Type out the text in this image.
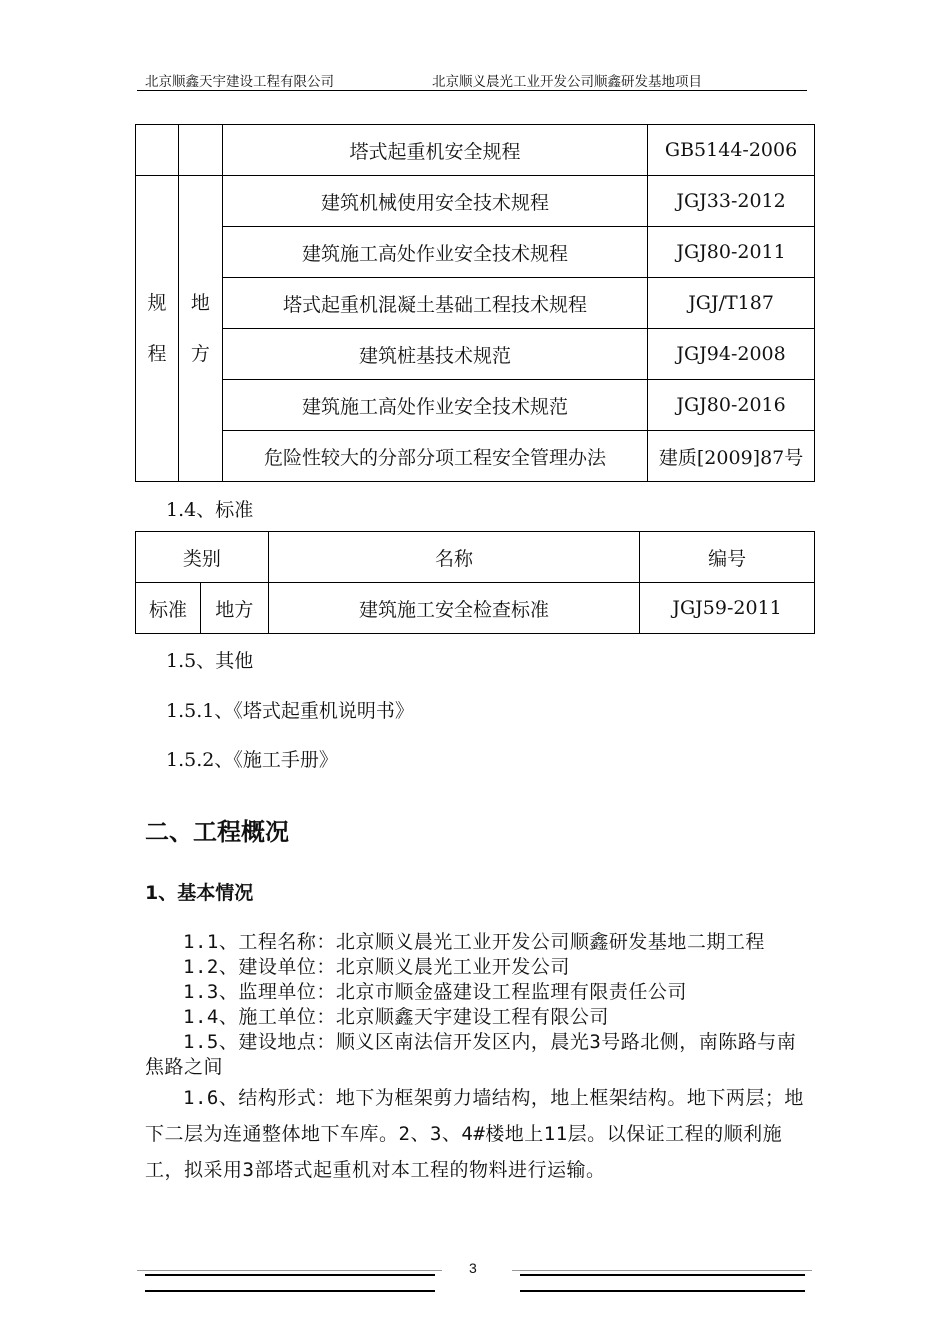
北京顺鑫天宇建设工程有限公司	北京顺义晨光工业开发公司顺鑫研发基地项目
		塔式起重机安全规程	GB5144-2006

规程	地方	建筑机械使用安全技术规程	JGJ33-2012
		建筑施工高处作业安全技术规程	JGJ80-2011
		塔式起重机混凝土基础工程技术规程	JGJ/T187
		建筑桩基技术规范	JGJ94-2008
		建筑施工高处作业安全技术规范	JGJ80-2016
		危险性较大的分部分项工程安全管理办法	建质[2009]87号
1.4、标准
类别		名称	编号
标准	地方	建筑施工安全检查标准	JGJ59-2011
1.5、其他
1.5.1、《塔式起重机说明书》
1.5.2、《施工手册》
二、工程概况
1、基本情况
1.1、工程名称：北京顺义晨光工业开发公司顺鑫研发基地二期工程
1.2、建设单位：北京顺义晨光工业开发公司
1.3、监理单位：北京市顺金盛建设工程监理有限责任公司
1.4、施工单位：北京顺鑫天宇建设工程有限公司
1.5、建设地点：顺义区南法信开发区内，晨光3号路北侧，南陈路与南焦路之间
1.6、结构形式：地下为框架剪力墙结构，地上框架结构。地下两层；地下二层为连通整体地下车库。2、3、4#楼地上11层。以保证工程的顺利施工，拟采用3部塔式起重机对本工程的物料进行运输。
3
